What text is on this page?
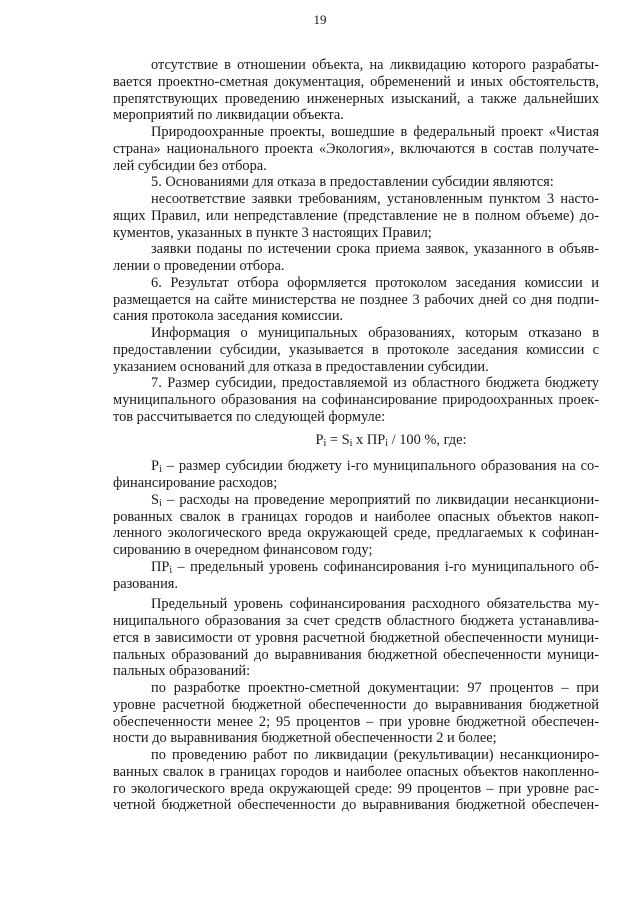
19
отсутствие в отношении объекта, на ликвидацию которого разрабаты-
вается проектно-сметная документация, обременений и иных обстоятельств,
препятствующих проведению инженерных изысканий, а также дальнейших
мероприятий по ликвидации объекта.
Природоохранные проекты, вошедшие в федеральный проект «Чистая
страна» национального проекта «Экология», включаются в состав получате-
лей субсидии без отбора.
5. Основаниями для отказа в предоставлении субсидии являются:
несоответствие заявки требованиям, установленным пунктом 3 насто-
ящих Правил, или непредставление (представление не в полном объеме) до-
кументов, указанных в пункте 3 настоящих Правил;
заявки поданы по истечении срока приема заявок, указанного в объяв-
лении о проведении отбора.
6. Результат отбора оформляется протоколом заседания комиссии и
размещается на сайте министерства не позднее 3 рабочих дней со дня подпи-
сания протокола заседания комиссии.
Информация о муниципальных образованиях, которым отказано в
предоставлении субсидии, указывается в протоколе заседания комиссии с
указанием оснований для отказа в предоставлении субсидии.
7. Размер субсидии, предоставляемой из областного бюджета бюджету
муниципального образования на софинансирование природоохранных проек-
тов рассчитывается по следующей формуле:
$P_i = S_i$ x $ПР_i / 100$ %, где:
$P_i$ – размер субсидии бюджету i-го муниципального образования на со-
финансирование расходов;
$S_i$ – расходы на проведение мероприятий по ликвидации несанкциони-
рованных свалок в границах городов и наиболее опасных объектов накоп-
ленного экологического вреда окружающей среде, предлагаемых к софинан-
сированию в очередном финансовом году;
$ПР_i$ – предельный уровень софинансирования i-го муниципального об-
разования.
Предельный уровень софинансирования расходного обязательства му-
ниципального образования за счет средств областного бюджета устанавлива-
ется в зависимости от уровня расчетной бюджетной обеспеченности муници-
пальных образований до выравнивания бюджетной обеспеченности муници-
пальных образований:
по разработке проектно-сметной документации: 97 процентов – при
уровне расчетной бюджетной обеспеченности до выравнивания бюджетной
обеспеченности менее 2; 95 процентов – при уровне бюджетной обеспечен-
ности до выравнивания бюджетной обеспеченности 2 и более;
по проведению работ по ликвидации (рекультивации) несанкциониро-
ванных свалок в границах городов и наиболее опасных объектов накопленно-
го экологического вреда окружающей среде: 99 процентов – при уровне рас-
четной бюджетной обеспеченности до выравнивания бюджетной обеспечен-
